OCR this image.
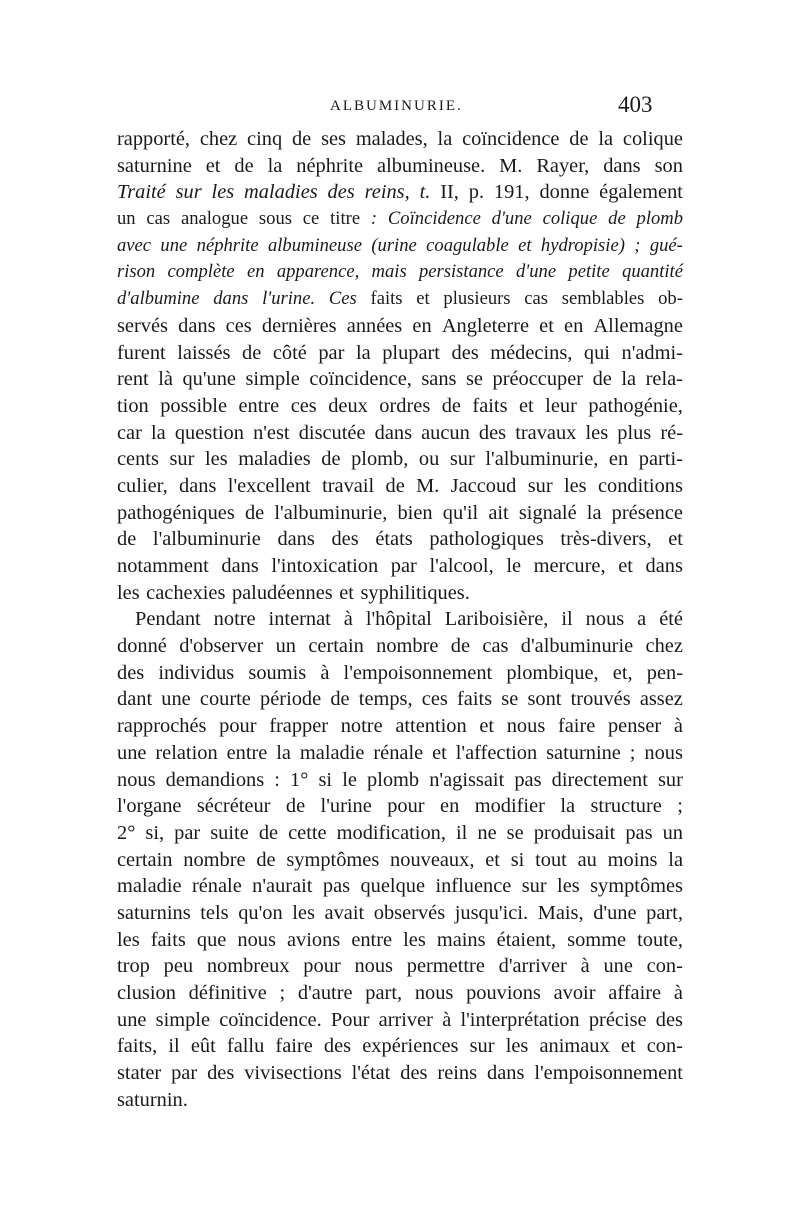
ALBUMINURIE.	403
rapporté, chez cinq de ses malades, la coïncidence de la colique
saturnine et de la néphrite albumineuse. M. Rayer, dans son
Traité sur les maladies des reins, t. II, p. 191, donne également
un cas analogue sous ce titre : Coïncidence d'une colique de plomb
avec une néphrite albumineuse (urine coagulable et hydropisie) ; gué-
rison complète en apparence, mais persistance d'une petite quantité
d'albumine dans l'urine. Ces faits et plusieurs cas semblables ob-
servés dans ces dernières années en Angleterre et en Allemagne
furent laissés de côté par la plupart des médecins, qui n'admi-
rent là qu'une simple coïncidence, sans se préoccuper de la rela-
tion possible entre ces deux ordres de faits et leur pathogénie,
car la question n'est discutée dans aucun des travaux les plus ré-
cents sur les maladies de plomb, ou sur l'albuminurie, en parti-
culier, dans l'excellent travail de M. Jaccoud sur les conditions
pathogéniques de l'albuminurie, bien qu'il ait signalé la présence
de l'albuminurie dans des états pathologiques très-divers, et
notamment dans l'intoxication par l'alcool, le mercure, et dans
les cachexies paludéennes et syphilitiques.
Pendant notre internat à l'hôpital Lariboisière, il nous a été
donné d'observer un certain nombre de cas d'albuminurie chez
des individus soumis à l'empoisonnement plombique, et, pen-
dant une courte période de temps, ces faits se sont trouvés assez
rapprochés pour frapper notre attention et nous faire penser à
une relation entre la maladie rénale et l'affection saturnine ; nous
nous demandions : 1° si le plomb n'agissait pas directement sur
l'organe sécréteur de l'urine pour en modifier la structure ;
2° si, par suite de cette modification, il ne se produisait pas un
certain nombre de symptômes nouveaux, et si tout au moins la
maladie rénale n'aurait pas quelque influence sur les symptômes
saturnins tels qu'on les avait observés jusqu'ici. Mais, d'une part,
les faits que nous avions entre les mains étaient, somme toute,
trop peu nombreux pour nous permettre d'arriver à une con-
clusion définitive ; d'autre part, nous pouvions avoir affaire à
une simple coïncidence. Pour arriver à l'interprétation précise des
faits, il eût fallu faire des expériences sur les animaux et con-
stater par des vivisections l'état des reins dans l'empoisonnement
saturnin.
